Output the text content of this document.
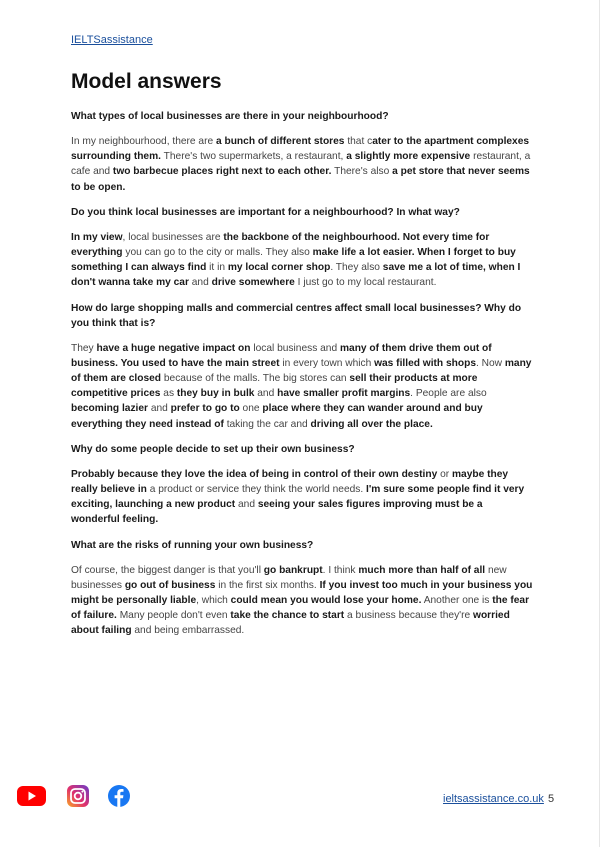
IELTSassistance
Model answers

What types of local businesses are there in your neighbourhood?

In my neighbourhood, there are a bunch of different stores that cater to the apartment complexes surrounding them. There's two supermarkets, a restaurant, a slightly more expensive restaurant, a cafe and two barbecue places right next to each other. There's also a pet store that never seems to be open.

Do you think local businesses are important for a neighbourhood? In what way?

In my view, local businesses are the backbone of the neighbourhood. Not every time for everything you can go to the city or malls. They also make life a lot easier. When I forget to buy something I can always find it in my local corner shop. They also save me a lot of time, when I don't wanna take my car and drive somewhere I just go to my local restaurant.

How do large shopping malls and commercial centres affect small local businesses? Why do you think that is?

They have a huge negative impact on local business and many of them drive them out of business. You used to have the main street in every town which was filled with shops. Now many of them are closed because of the malls. The big stores can sell their products at more competitive prices as they buy in bulk and have smaller profit margins. People are also becoming lazier and prefer to go to one place where they can wander around and buy everything they need instead of taking the car and driving all over the place.

Why do some people decide to set up their own business?

Probably because they love the idea of being in control of their own destiny or maybe they really believe in a product or service they think the world needs. I'm sure some people find it very exciting, launching a new product and seeing your sales figures improving must be a wonderful feeling.

What are the risks of running your own business?

Of course, the biggest danger is that you'll go bankrupt. I think much more than half of all new businesses go out of business in the first six months. If you invest too much in your business you might be personally liable, which could mean you would lose your home. Another one is the fear of failure. Many people don't even take the chance to start a business because they're worried about failing and being embarrassed.

ieltsassistance.co.uk 5
